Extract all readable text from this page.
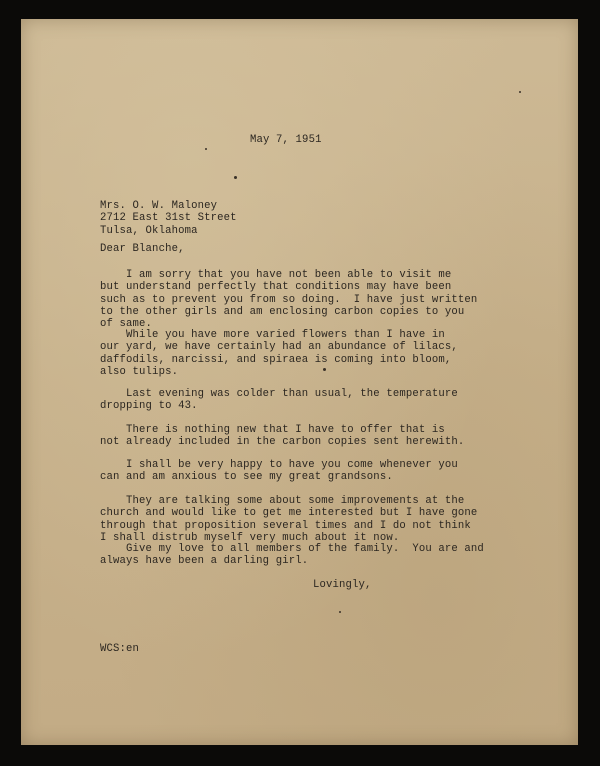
May 7, 1951
Mrs. O. W. Maloney
2712 East 31st Street
Tulsa, Oklahoma
Dear Blanche,
I am sorry that you have not been able to visit me
but understand perfectly that conditions may have been
such as to prevent you from so doing.  I have just written
to the other girls and am enclosing carbon copies to you
of same.
While you have more varied flowers than I have in
our yard, we have certainly had an abundance of lilacs,
daffodils, narcissi, and spiraea is coming into bloom,
also tulips.
Last evening was colder than usual, the temperature
dropping to 43.
There is nothing new that I have to offer that is
not already included in the carbon copies sent herewith.
I shall be very happy to have you come whenever you
can and am anxious to see my great grandsons.
They are talking some about some improvements at the
church and would like to get me interested but I have gone
through that proposition several times and I do not think
I shall distrub myself very much about it now.
Give my love to all members of the family.  You are and
always have been a darling girl.
Lovingly,
WCS:en
